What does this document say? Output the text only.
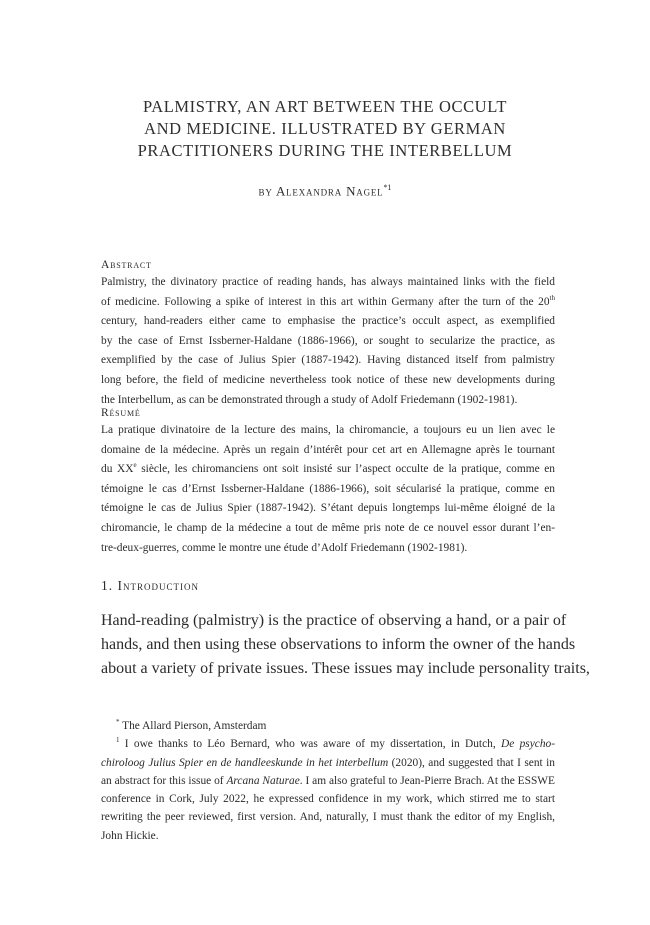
PALMISTRY, AN ART BETWEEN THE OCCULT
AND MEDICINE. ILLUSTRATED BY GERMAN
PRACTITIONERS DURING THE INTERBELLUM
by Alexandra Nagel$^{*1}$

Abstract

Palmistry, the divinatory practice of reading hands, has always maintained links with the field
of medicine. Following a spike of interest in this art within Germany after the turn of the 20th
century, hand-readers either came to emphasise the practice’s occult aspect, as exemplified
by the case of Ernst Issberner-Haldane (1886-1966), or sought to secularize the practice, as
exemplified by the case of Julius Spier (1887-1942). Having distanced itself from palmistry
long before, the field of medicine nevertheless took notice of these new developments during
the Interbellum, as can be demonstrated through a study of Adolf Friedemann (1902-1981).

Résumé

La pratique divinatoire de la lecture des mains, la chiromancie, a toujours eu un lien avec le
domaine de la médecine. Après un regain d’intérêt pour cet art en Allemagne après le tournant
du XXe siècle, les chiromanciens ont soit insisté sur l’aspect occulte de la pratique, comme en
témoigne le cas d’Ernst Issberner-Haldane (1886-1966), soit sécularisé la pratique, comme en
témoigne le cas de Julius Spier (1887-1942). S’étant depuis longtemps lui-même éloigné de la
chiromancie, le champ de la médecine a tout de même pris note de ce nouvel essor durant l’en-
tre-deux-guerres, comme le montre une étude d’Adolf Friedemann (1902-1981).

1. Introduction
Hand-reading (palmistry) is the practice of observing a hand, or a pair of
hands, and then using these observations to inform the owner of the hands
about a variety of private issues. These issues may include personality traits,

* The Allard Pierson, Amsterdam

$^1$ I owe thanks to Léo Bernard, who was aware of my dissertation, in Dutch, De psycho-chiroloog Julius Spier en de handleeskunde in het interbellum (2020), and suggested that I sent in an abstract for this issue of Arcana Naturae. I am also grateful to Jean-Pierre Brach. At the ESSWE conference in Cork, July 2022, he expressed confidence in my work, which stirred me to start rewriting the peer reviewed, first version. And, naturally, I must thank the editor of my English, John Hickie.
